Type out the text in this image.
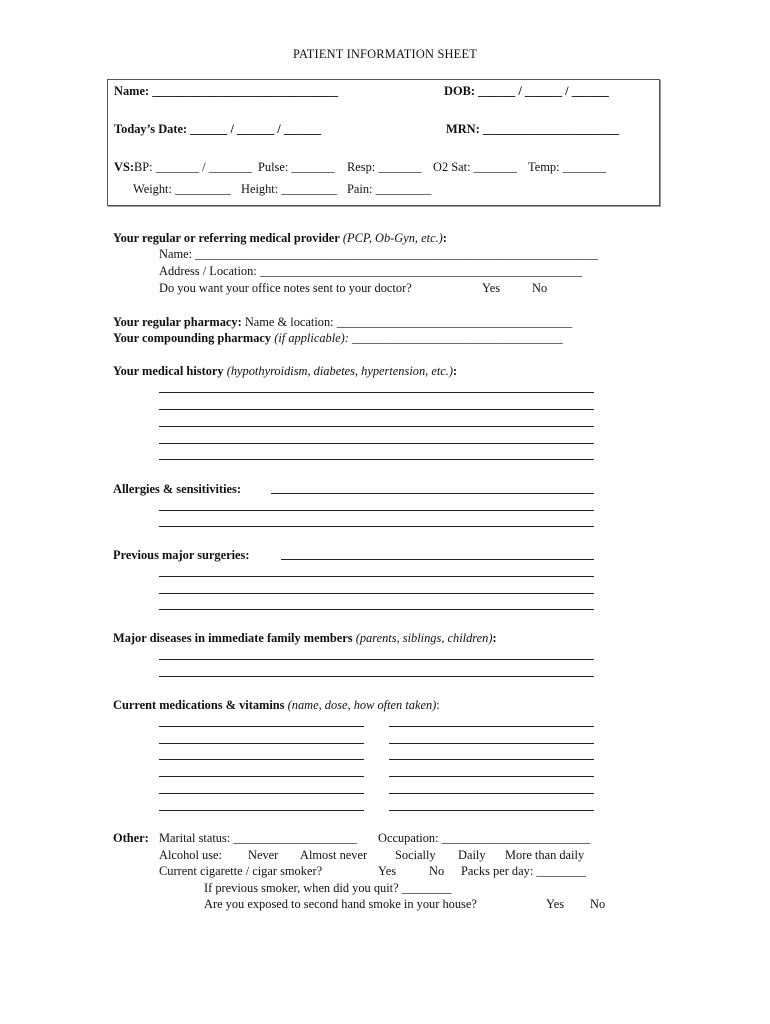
PATIENT INFORMATION SHEET
Name: ______________________________	DOB: ______ / ______ / ______
Today’s Date: ______ / ______ / ______	MRN: ______________________
VS: BP: _______ / _______ Pulse: _______ Resp: _______ O2 Sat: _______ Temp: _______
Weight: _________ Height: _________ Pain: _________
Your regular or referring medical provider (PCP, Ob-Gyn, etc.):
Name: _________________________________________________________________
Address / Location: ____________________________________________________
Do you want your office notes sent to your doctor?	Yes	No
Your regular pharmacy: Name & location: ______________________________________
Your compounding pharmacy (if applicable): __________________________________
Your medical history (hypothyroidism, diabetes, hypertension, etc.):
Allergies & sensitivities:
Previous major surgeries:
Major diseases in immediate family members (parents, siblings, children):
Current medications & vitamins (name, dose, how often taken):
Other: Marital status: ____________________ Occupation: ________________________
Alcohol use: Never Almost never Socially Daily More than daily
Current cigarette / cigar smoker?	Yes	No Packs per day: ________
If previous smoker, when did you quit? ________
Are you exposed to second hand smoke in your house?	Yes No
